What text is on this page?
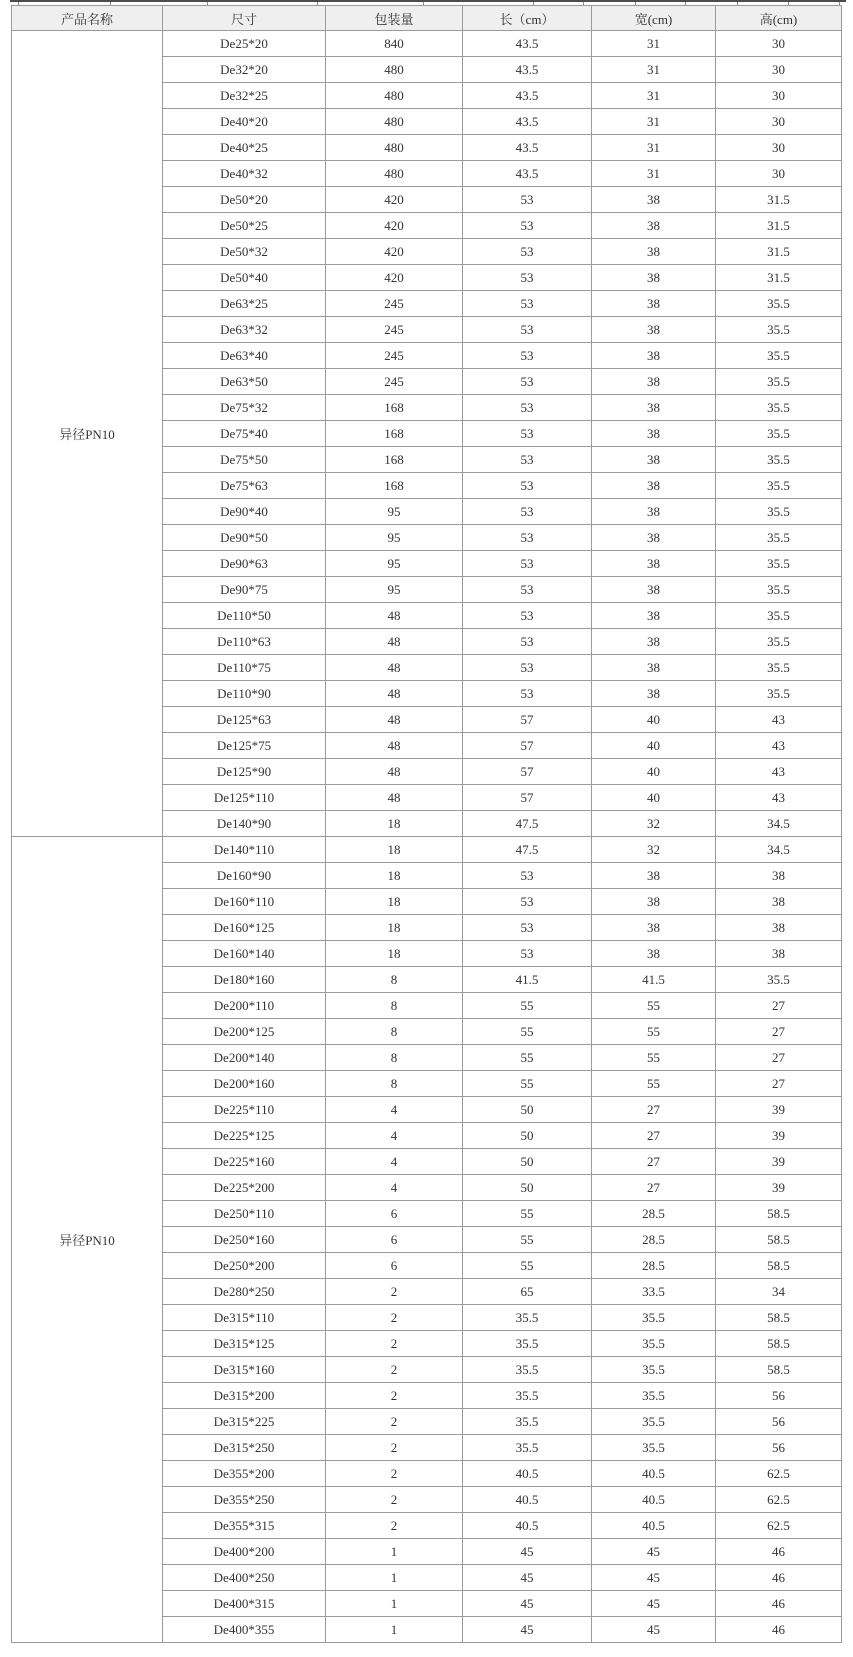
产品名称	尺寸	包装量	长（cm）	宽(cm)	高(cm)
异径PN10	De25*20	840	43.5	31	30
	De32*20	480	43.5	31	30
	De32*25	480	43.5	31	30
	De40*20	480	43.5	31	30
	De40*25	480	43.5	31	30
	De40*32	480	43.5	31	30
	De50*20	420	53	38	31.5
	De50*25	420	53	38	31.5
	De50*32	420	53	38	31.5
	De50*40	420	53	38	31.5
	De63*25	245	53	38	35.5
	De63*32	245	53	38	35.5
	De63*40	245	53	38	35.5
	De63*50	245	53	38	35.5
	De75*32	168	53	38	35.5
	De75*40	168	53	38	35.5
	De75*50	168	53	38	35.5
	De75*63	168	53	38	35.5
	De90*40	95	53	38	35.5
	De90*50	95	53	38	35.5
	De90*63	95	53	38	35.5
	De90*75	95	53	38	35.5
	De110*50	48	53	38	35.5
	De110*63	48	53	38	35.5
	De110*75	48	53	38	35.5
	De110*90	48	53	38	35.5
	De125*63	48	57	40	43
	De125*75	48	57	40	43
	De125*90	48	57	40	43
	De125*110	48	57	40	43
	De140*90	18	47.5	32	34.5
异径PN10	De140*110	18	47.5	32	34.5
	De160*90	18	53	38	38
	De160*110	18	53	38	38
	De160*125	18	53	38	38
	De160*140	18	53	38	38
	De180*160	8	41.5	41.5	35.5
	De200*110	8	55	55	27
	De200*125	8	55	55	27
	De200*140	8	55	55	27
	De200*160	8	55	55	27
	De225*110	4	50	27	39
	De225*125	4	50	27	39
	De225*160	4	50	27	39
	De225*200	4	50	27	39
	De250*110	6	55	28.5	58.5
	De250*160	6	55	28.5	58.5
	De250*200	6	55	28.5	58.5
	De280*250	2	65	33.5	34
	De315*110	2	35.5	35.5	58.5
	De315*125	2	35.5	35.5	58.5
	De315*160	2	35.5	35.5	58.5
	De315*200	2	35.5	35.5	56
	De315*225	2	35.5	35.5	56
	De315*250	2	35.5	35.5	56
	De355*200	2	40.5	40.5	62.5
	De355*250	2	40.5	40.5	62.5
	De355*315	2	40.5	40.5	62.5
	De400*200	1	45	45	46
	De400*250	1	45	45	46
	De400*315	1	45	45	46
	De400*355	1	45	45	46
